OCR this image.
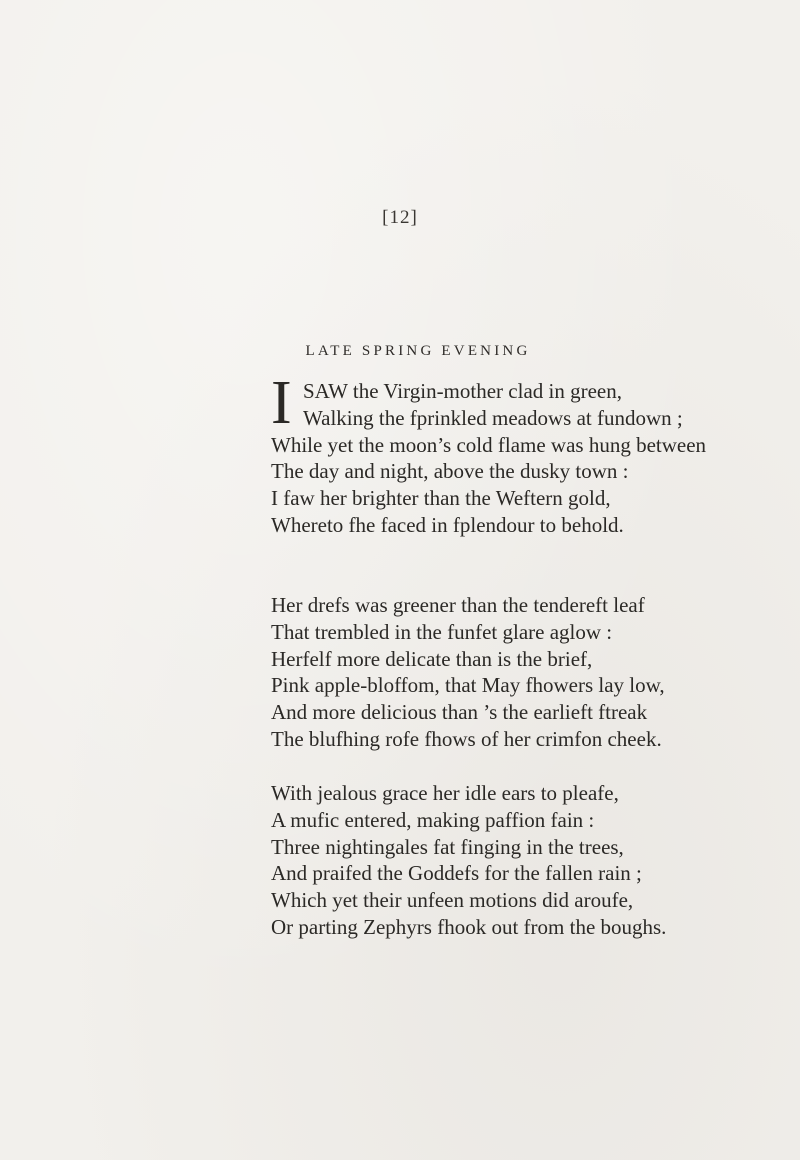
[12]
LATE SPRING EVENING
I SAW the Virgin-mother clad in green,
Walking the fprinkled meadows at fundown ;
While yet the moon’s cold flame was hung between
The day and night, above the dusky town :
I faw her brighter than the Weftern gold,
Whereto fhe faced in fplendour to behold.
Her drefs was greener than the tendereft leaf
That trembled in the funfet glare aglow :
Herfelf more delicate than is the brief,
Pink apple-bloffom, that May fhowers lay low,
And more delicious than ’s the earlieft ftreak
The blufhing rofe fhows of her crimfon cheek.
With jealous grace her idle ears to pleafe,
A mufic entered, making paffion fain :
Three nightingales fat finging in the trees,
And praifed the Goddefs for the fallen rain ;
Which yet their unfeen motions did aroufe,
Or parting Zephyrs fhook out from the boughs.
